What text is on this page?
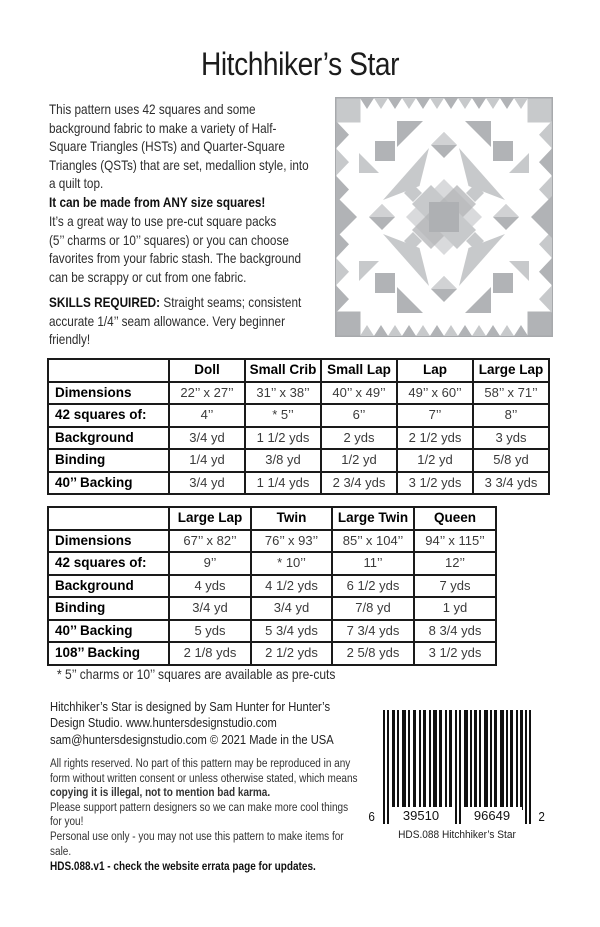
Hitchhiker’s Star
This pattern uses 42 squares and some
background fabric to make a variety of Half-
Square Triangles (HSTs) and Quarter-Square
Triangles (QSTs) that are set, medallion style, into
a quilt top.
It can be made from ANY size squares!
It’s a great way to use pre-cut square packs
(5’’ charms or 10’’ squares) or you can choose
favorites from your fabric stash. The background
can be scrappy or cut from one fabric.
SKILLS REQUIRED: Straight seams; consistent
accurate 1/4’’ seam allowance. Very beginner
friendly!
	Doll	Small Crib	Small Lap	Lap	Large Lap
Dimensions	22’’ x 27’’	31’’ x 38’’	40’’ x 49’’	49’’ x 60’’	58’’ x 71’’
42 squares of:	4’’	* 5’’	6’’	7’’	8’’
Background	3/4 yd	1 1/2 yds	2 yds	2 1/2 yds	3 yds
Binding	1/4 yd	3/8 yd	1/2 yd	1/2 yd	5/8 yd
40’’ Backing	3/4 yd	1 1/4 yds	2 3/4 yds	3 1/2 yds	3 3/4 yds
	Large Lap	Twin	Large Twin	Queen
Dimensions	67’’ x 82’’	76’’ x 93’’	85’’ x 104’’	94’’ x 115’’
42 squares of:	9’’	* 10’’	11’’	12’’
Background	4 yds	4 1/2 yds	6 1/2 yds	7 yds
Binding	3/4 yd	3/4 yd	7/8 yd	1 yd
40’’ Backing	5 yds	5 3/4 yds	7 3/4 yds	8 3/4 yds
108’’ Backing	2 1/8 yds	2 1/2 yds	2 5/8 yds	3 1/2 yds
* 5’’ charms or 10’’ squares are available as pre-cuts
Hitchhiker’s Star is designed by Sam Hunter for Hunter’s
Design Studio. www.huntersdesignstudio.com
sam@huntersdesignstudio.com © 2021 Made in the USA
All rights reserved. No part of this pattern may be reproduced in any
form without written consent or unless otherwise stated, which means
copying it is illegal, not to mention bad karma.
Please support pattern designers so we can make more cool things
for you!
Personal use only - you may not use this pattern to make items for
sale.
HDS.088.v1 - check the website errata page for updates.
6	39510	96649	2
HDS.088 Hitchhiker’s Star
